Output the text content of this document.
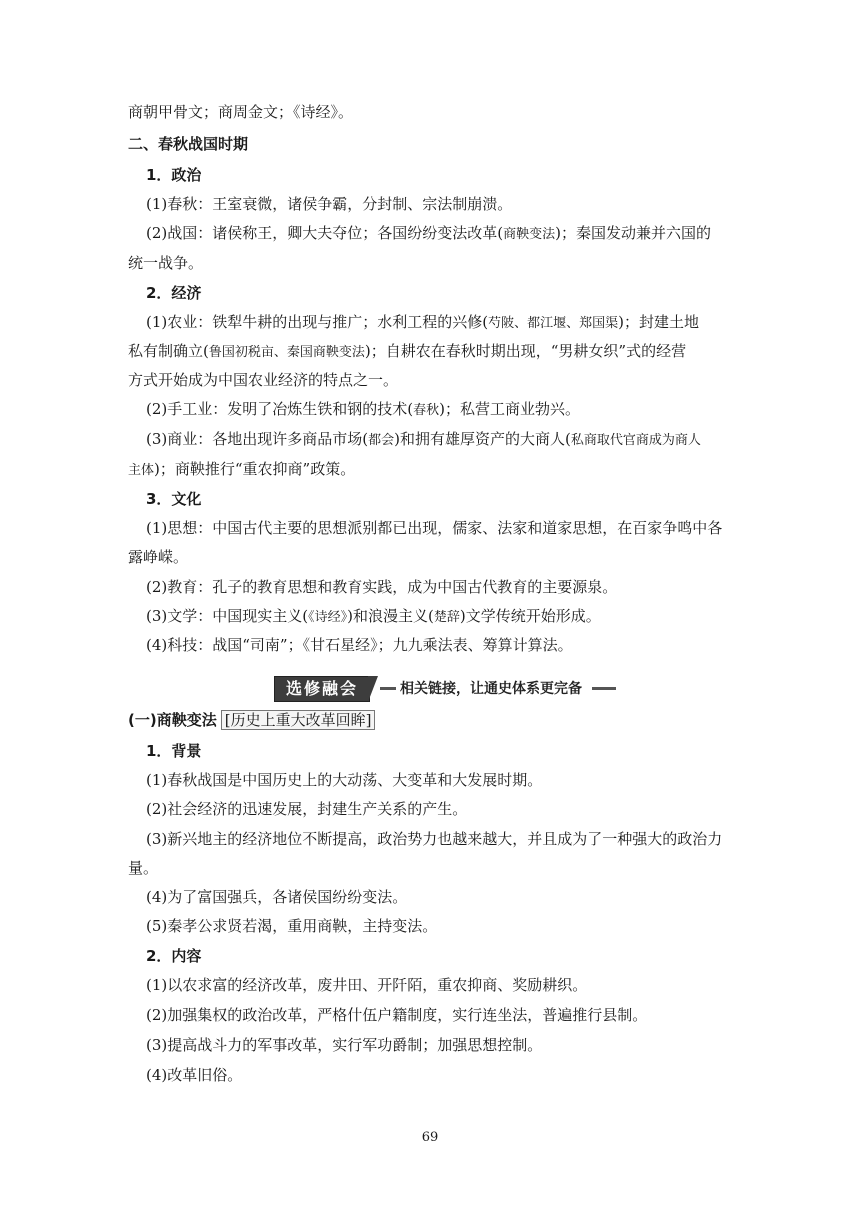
商朝甲骨文；商周金文；《诗经》。
二、春秋战国时期
1．政治
(1)春秋：王室衰微，诸侯争霸，分封制、宗法制崩溃。
(2)战国：诸侯称王，卿大夫夺位；各国纷纷变法改革(商鞅变法)；秦国发动兼并六国的
统一战争。
2．经济
(1)农业：铁犁牛耕的出现与推广；水利工程的兴修(芍陂、都江堰、郑国渠)；封建土地
私有制确立(鲁国初税亩、秦国商鞅变法)；自耕农在春秋时期出现，“男耕女织”式的经营
方式开始成为中国农业经济的特点之一。
(2)手工业：发明了冶炼生铁和钢的技术(春秋)；私营工商业勃兴。
(3)商业：各地出现许多商品市场(都会)和拥有雄厚资产的大商人(私商取代官商成为商人
主体)；商鞅推行“重农抑商”政策。
3．文化
(1)思想：中国古代主要的思想派别都已出现，儒家、法家和道家思想，在百家争鸣中各
露峥嵘。
(2)教育：孔子的教育思想和教育实践，成为中国古代教育的主要源泉。
(3)文学：中国现实主义(《诗经》)和浪漫主义(楚辞)文学传统开始形成。
(4)科技：战国“司南”；《甘石星经》；九九乘法表、筹算计算法。
选修融会	相关链接，让通史体系更完备
(一)商鞅变法 [历史上重大改革回眸]
1．背景
(1)春秋战国是中国历史上的大动荡、大变革和大发展时期。
(2)社会经济的迅速发展，封建生产关系的产生。
(3)新兴地主的经济地位不断提高，政治势力也越来越大，并且成为了一种强大的政治力
量。
(4)为了富国强兵，各诸侯国纷纷变法。
(5)秦孝公求贤若渴，重用商鞅，主持变法。
2．内容
(1)以农求富的经济改革，废井田、开阡陌，重农抑商、奖励耕织。
(2)加强集权的政治改革，严格什伍户籍制度，实行连坐法，普遍推行县制。
(3)提高战斗力的军事改革，实行军功爵制；加强思想控制。
(4)改革旧俗。
69
